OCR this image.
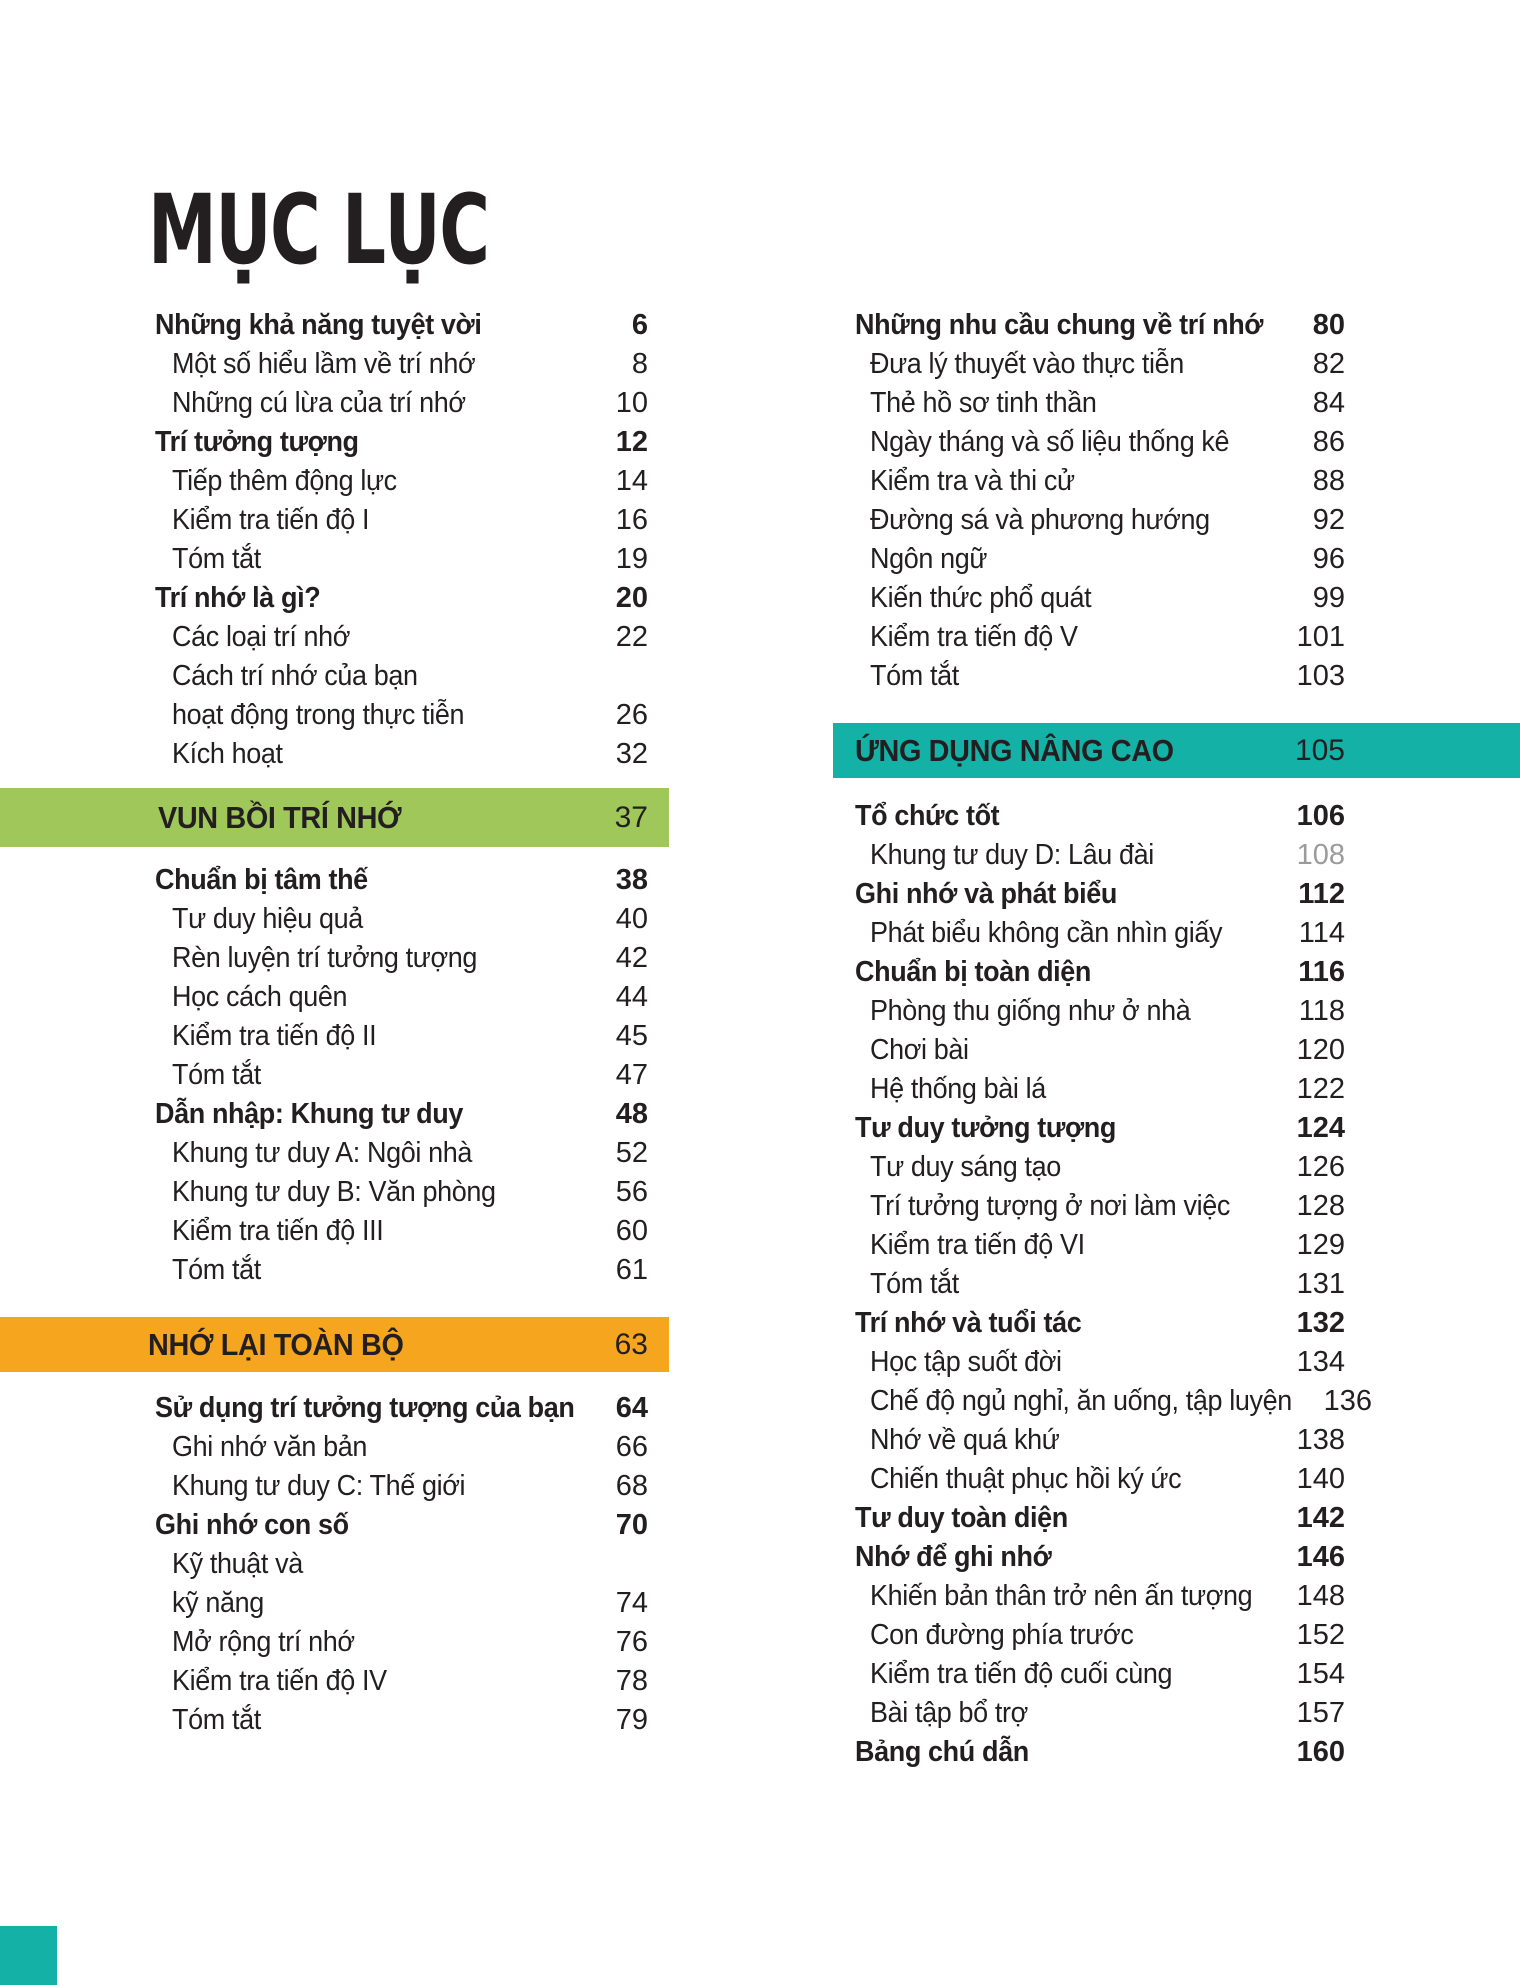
MỤC LỤC
Những khả năng tuyệt vời	6
Một số hiểu lầm về trí nhớ	8
Những cú lừa của trí nhớ	10
Trí tưởng tượng	12
Tiếp thêm động lực	14
Kiểm tra tiến độ I	16
Tóm tắt	19
Trí nhớ là gì?	20
Các loại trí nhớ	22
Cách trí nhớ của bạn
hoạt động trong thực tiễn	26
Kích hoạt	32
VUN BỒI TRÍ NHỚ	37
Chuẩn bị tâm thế	38
Tư duy hiệu quả	40
Rèn luyện trí tưởng tượng	42
Học cách quên	44
Kiểm tra tiến độ II	45
Tóm tắt	47
Dẫn nhập: Khung tư duy	48
Khung tư duy A: Ngôi nhà	52
Khung tư duy B: Văn phòng	56
Kiểm tra tiến độ III	60
Tóm tắt	61
NHỚ LẠI TOÀN BỘ	63
Sử dụng trí tưởng tượng của bạn 64
Ghi nhớ văn bản	66
Khung tư duy C: Thế giới	68
Ghi nhớ con số	70
Kỹ thuật và
kỹ năng	74
Mở rộng trí nhớ	76
Kiểm tra tiến độ IV	78
Tóm tắt	79
Những nhu cầu chung về trí nhớ 80
Đưa lý thuyết vào thực tiễn	82
Thẻ hồ sơ tinh thần	84
Ngày tháng và số liệu thống kê	86
Kiểm tra và thi cử	88
Đường sá và phương hướng	92
Ngôn ngữ	96
Kiến thức phổ quát	99
Kiểm tra tiến độ V	101
Tóm tắt	103
ỨNG DỤNG NÂNG CAO	105
Tổ chức tốt	106
Khung tư duy D: Lâu đài	108
Ghi nhớ và phát biểu	112
Phát biểu không cần nhìn giấy	114
Chuẩn bị toàn diện	116
Phòng thu giống như ở nhà	118
Chơi bài	120
Hệ thống bài lá	122
Tư duy tưởng tượng	124
Tư duy sáng tạo	126
Trí tưởng tượng ở nơi làm việc 128
Kiểm tra tiến độ VI	129
Tóm tắt	131
Trí nhớ và tuổi tác	132
Học tập suốt đời	134
Chế độ ngủ nghỉ, ăn uống, tập luyện 136
Nhớ về quá khứ	138
Chiến thuật phục hồi ký ức	140
Tư duy toàn diện	142
Nhớ để ghi nhớ	146
Khiến bản thân trở nên ấn tượng 148
Con đường phía trước	152
Kiểm tra tiến độ cuối cùng	154
Bài tập bổ trợ	157
Bảng chú dẫn	160
